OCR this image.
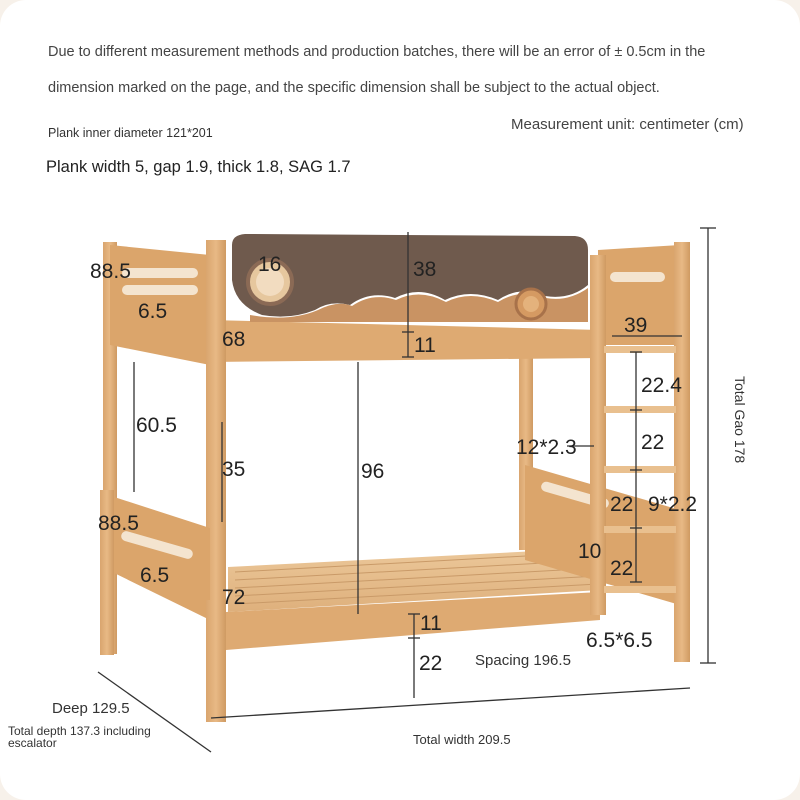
Due to different measurement methods and production batches, there will be an error of ± 0.5cm in the
dimension marked on the page, and the specific dimension shall be subject to the actual object.
Plank inner diameter 121*201	Measurement unit: centimeter (cm)
Plank width 5, gap 1.9, thick 1.8, SAG 1.7
88.5
6.5
16	38
68	11
39
22.4
22
12*2.3
22 9*2.2
10
22
60.5
35	96
88.5
6.5
72
11
22
6.5*6.5
Spacing 196.5
Deep 129.5
Total depth 137.3 including escalator	Total width 209.5
Total Gao 178
